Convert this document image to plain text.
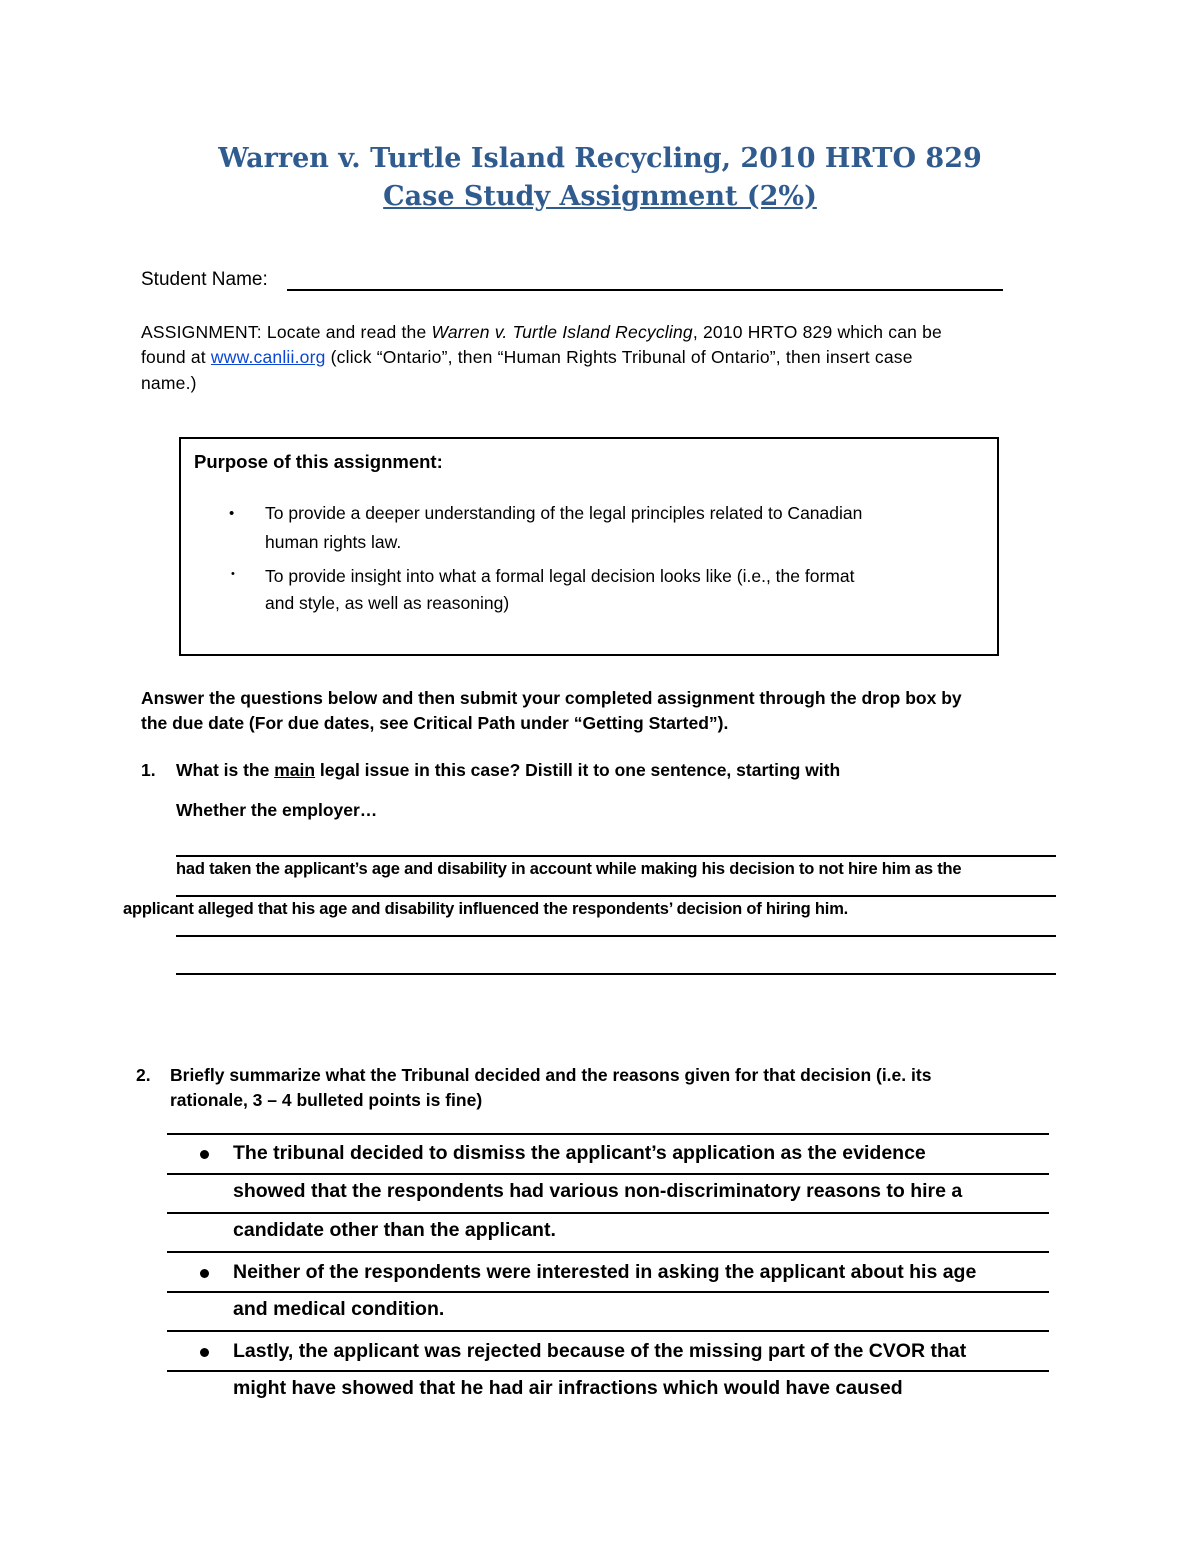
Warren v. Turtle Island Recycling, 2010 HRTO 829
Case Study Assignment (2%)
Student Name:
ASSIGNMENT: Locate and read the Warren v. Turtle Island Recycling, 2010 HRTO 829 which can be
found at www.canlii.org (click “Ontario”, then “Human Rights Tribunal of Ontario”, then insert case
name.)
Purpose of this assignment:
• To provide a deeper understanding of the legal principles related to Canadian
human rights law.
• To provide insight into what a formal legal decision looks like (i.e., the format
and style, as well as reasoning)
Answer the questions below and then submit your completed assignment through the drop box by
the due date (For due dates, see Critical Path under “Getting Started”).
1. What is the main legal issue in this case? Distill it to one sentence, starting with
Whether the employer…
had taken the applicant’s age and disability in account while making his decision to not hire him as the
applicant alleged that his age and disability influenced the respondents’ decision of hiring him.
2. Briefly summarize what the Tribunal decided and the reasons given for that decision (i.e. its
rationale, 3 – 4 bulleted points is fine)
The tribunal decided to dismiss the applicant’s application as the evidence
showed that the respondents had various non-discriminatory reasons to hire a
candidate other than the applicant.
Neither of the respondents were interested in asking the applicant about his age
and medical condition.
Lastly, the applicant was rejected because of the missing part of the CVOR that
might have showed that he had air infractions which would have caused
